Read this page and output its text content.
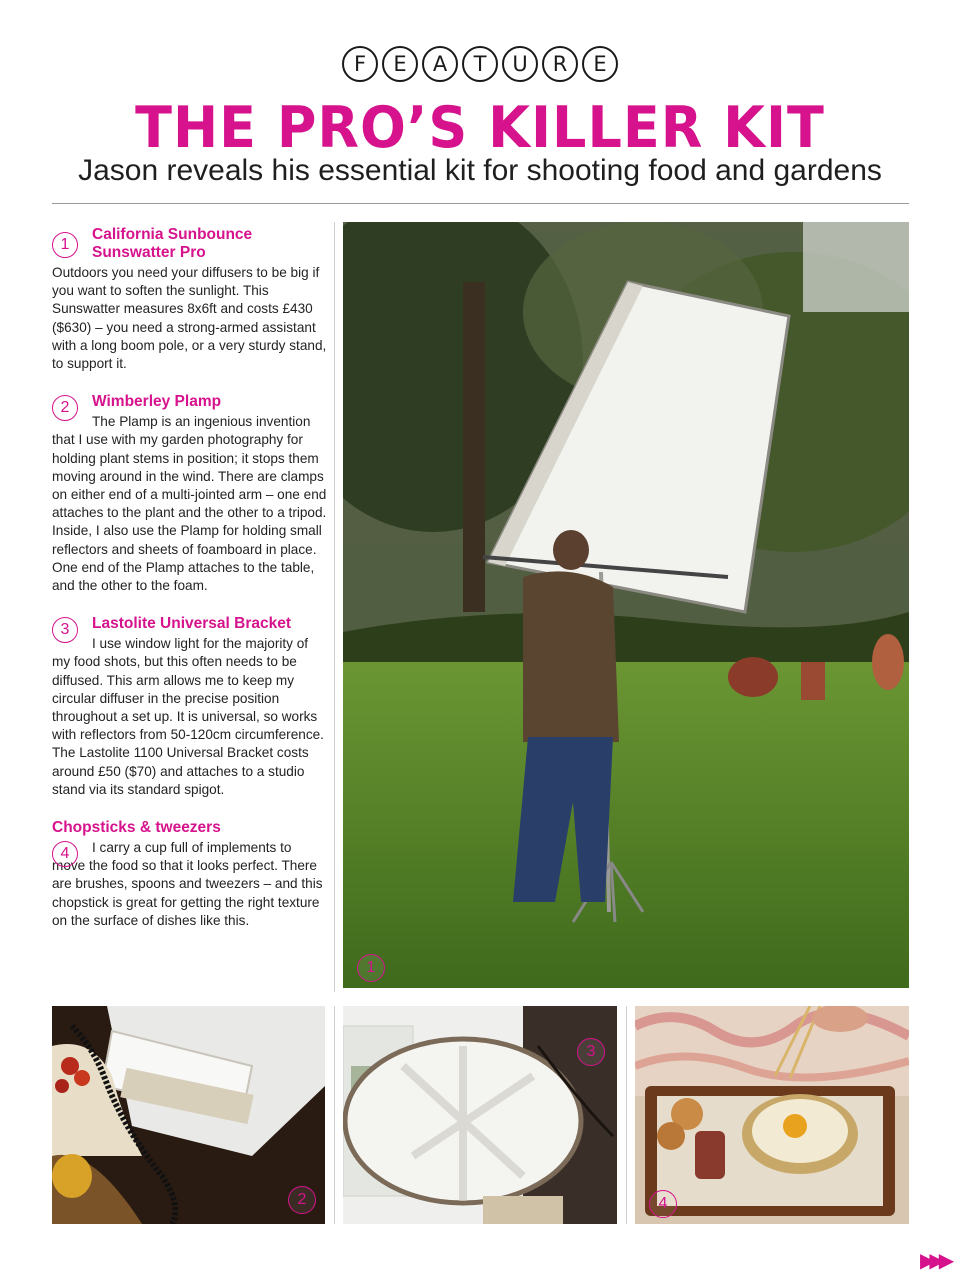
F	E	A	T	U	R	E
THE PRO’S KILLER KIT

Jason reveals his essential kit for shooting food and gardens

1
California Sunbounce Sunswatter Pro

Outdoors you need your diffusers to be big if you want to soften the sunlight. This Sunswatter measures 8x6ft and costs £430 ($630) – you need a strong-armed assistant with a long boom pole, or a very sturdy stand, to support it.

2	Wimberley Plamp

The Plamp is an ingenious invention that I use with my garden photography for holding plant stems in position; it stops them moving around in the wind. There are clamps on either end of a multi-jointed arm – one end attaches to the plant and the other to a tripod. Inside, I also use the Plamp for holding small reflectors and sheets of foamboard in place. One end of the Plamp attaches to the table, and the other to the foam.

3	Lastolite Universal Bracket

I use window light for the majority of my food shots, but this often needs to be diffused. This arm allows me to keep my circular diffuser in the precise position throughout a set up. It is universal, so works with reflectors from 50-120cm circumference. The Lastolite 1100 Universal Bracket costs around £50 ($70) and attaches to a studio stand via its standard spigot.

Chopsticks & tweezers
4	I carry a cup full of implements to move the food so that it looks perfect. There are brushes, spoons and tweezers – and this chopstick is great for getting the right texture on the surface of dishes like this.

1
2
3
4
▶▶▶
